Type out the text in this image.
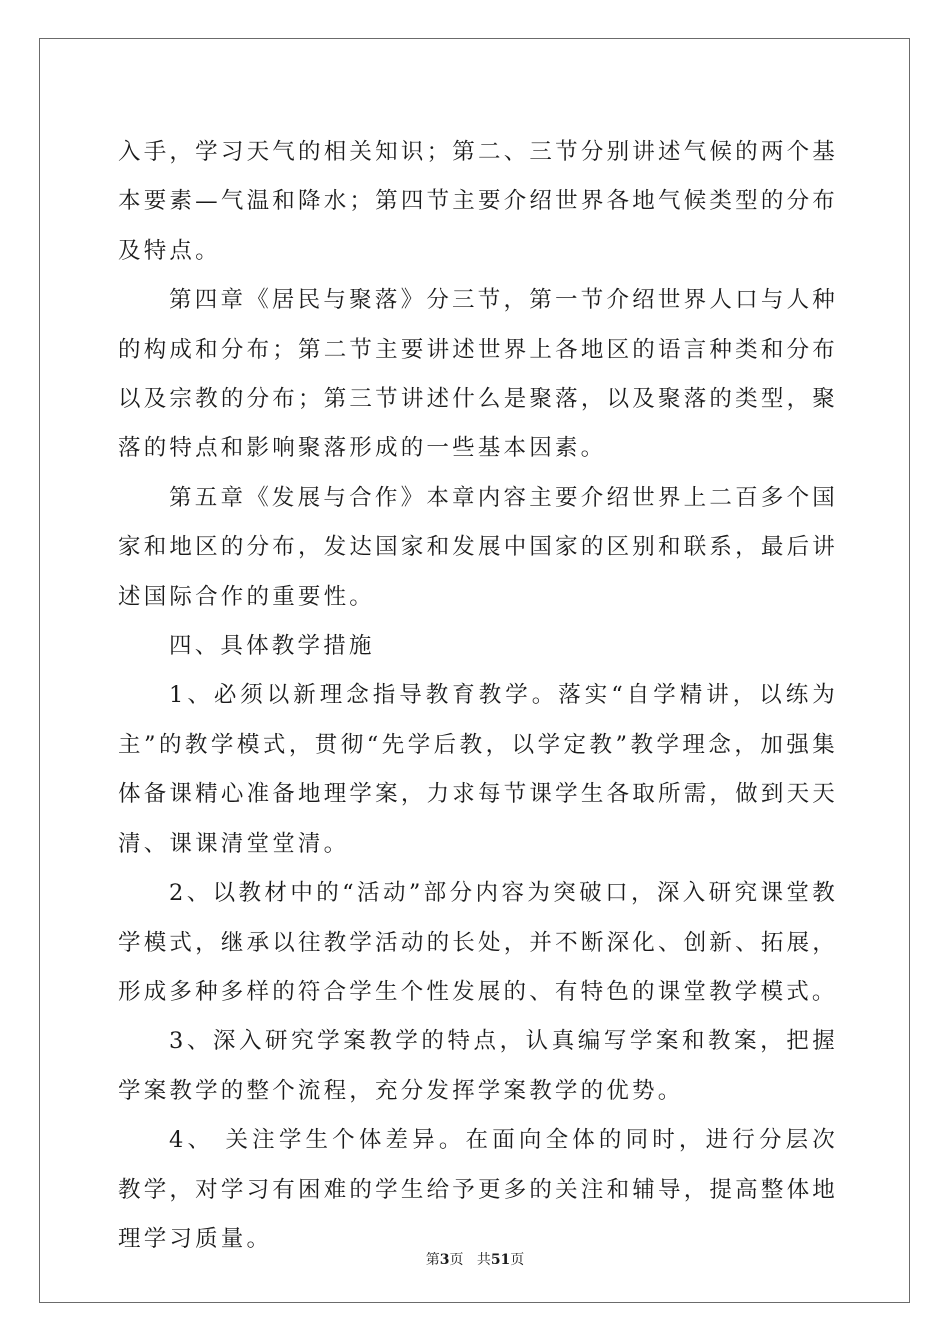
入手，学习天气的相关知识；第二、三节分别讲述气候的两个基本要素—气温和降水；第四节主要介绍世界各地气候类型的分布及特点。

第四章《居民与聚落》分三节，第一节介绍世界人口与人种的构成和分布；第二节主要讲述世界上各地区的语言种类和分布以及宗教的分布；第三节讲述什么是聚落，以及聚落的类型，聚落的特点和影响聚落形成的一些基本因素。

第五章《发展与合作》本章内容主要介绍世界上二百多个国家和地区的分布，发达国家和发展中国家的区别和联系，最后讲述国际合作的重要性。

四、具体教学措施

1、必须以新理念指导教育教学。落实“自学精讲，以练为主”的教学模式，贯彻“先学后教，以学定教”教学理念，加强集体备课精心准备地理学案，力求每节课学生各取所需，做到天天清、课课清堂堂清。

2、以教材中的“活动”部分内容为突破口，深入研究课堂教学模式，继承以往教学活动的长处，并不断深化、创新、拓展，形成多种多样的符合学生个性发展的、有特色的课堂教学模式。

3、深入研究学案教学的特点，认真编写学案和教案，把握学案教学的整个流程，充分发挥学案教学的优势。

4、 关注学生个体差异。在面向全体的同时，进行分层次教学，对学习有困难的学生给予更多的关注和辅导，提高整体地理学习质量。

第3页 共51页
